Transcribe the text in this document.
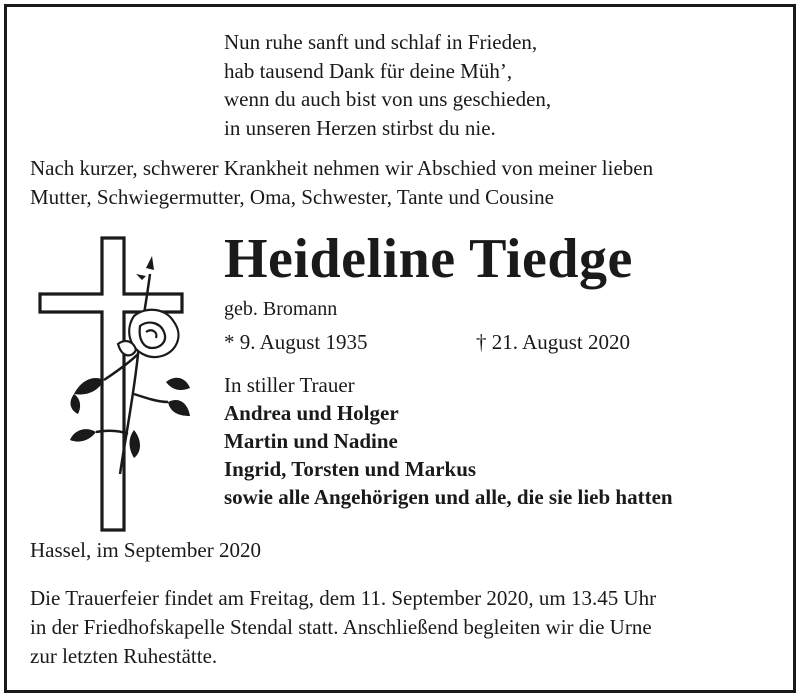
Nun ruhe sanft und schlaf in Frieden,
hab tausend Dank für deine Müh’,
wenn du auch bist von uns geschieden,
in unseren Herzen stirbst du nie.
Nach kurzer, schwerer Krankheit nehmen wir Abschied von meiner lieben
Mutter, Schwiegermutter, Oma, Schwester, Tante und Cousine
Heideline Tiedge
geb. Bromann
* 9. August 1935	† 21. August 2020
In stiller Trauer
Andrea und Holger
Martin und Nadine
Ingrid, Torsten und Markus
sowie alle Angehörigen und alle, die sie lieb hatten
Hassel, im September 2020
Die Trauerfeier findet am Freitag, dem 11. September 2020, um 13.45 Uhr
in der Friedhofskapelle Stendal statt. Anschließend begleiten wir die Urne
zur letzten Ruhestätte.
